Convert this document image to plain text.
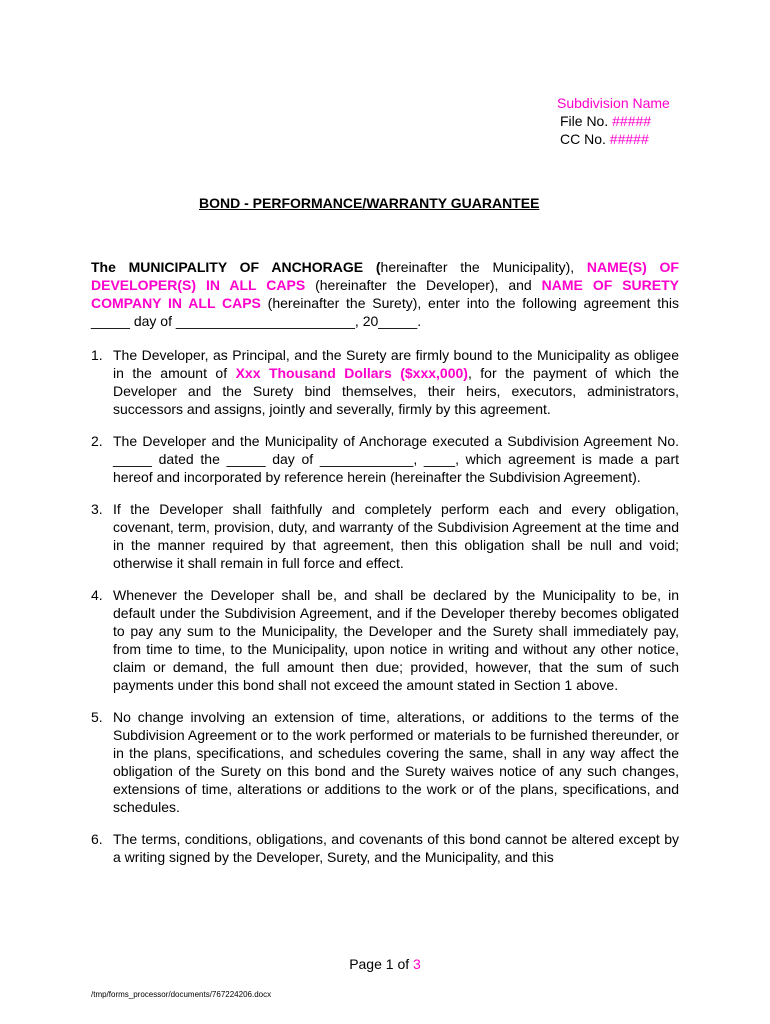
Subdivision Name
File No. #####
CC No. #####
BOND - PERFORMANCE/WARRANTY GUARANTEE

The MUNICIPALITY OF ANCHORAGE (hereinafter the Municipality), NAME(S) OF DEVELOPER(S) IN ALL CAPS (hereinafter the Developer), and NAME OF SURETY COMPANY IN ALL CAPS (hereinafter the Surety), enter into the following agreement this _____ day of _______________________, 20_____.

1. The Developer, as Principal, and the Surety are firmly bound to the Municipality as obligee in the amount of Xxx Thousand Dollars ($xxx,000), for the payment of which the Developer and the Surety bind themselves, their heirs, executors, administrators, successors and assigns, jointly and severally, firmly by this agreement.
2. The Developer and the Municipality of Anchorage executed a Subdivision Agreement No. _____ dated the _____ day of ____________, ____, which agreement is made a part hereof and incorporated by reference herein (hereinafter the Subdivision Agreement).
3. If the Developer shall faithfully and completely perform each and every obligation, covenant, term, provision, duty, and warranty of the Subdivision Agreement at the time and in the manner required by that agreement, then this obligation shall be null and void; otherwise it shall remain in full force and effect.
4. Whenever the Developer shall be, and shall be declared by the Municipality to be, in default under the Subdivision Agreement, and if the Developer thereby becomes obligated to pay any sum to the Municipality, the Developer and the Surety shall immediately pay, from time to time, to the Municipality, upon notice in writing and without any other notice, claim or demand, the full amount then due; provided, however, that the sum of such payments under this bond shall not exceed the amount stated in Section 1 above.
5. No change involving an extension of time, alterations, or additions to the terms of the Subdivision Agreement or to the work performed or materials to be furnished thereunder, or in the plans, specifications, and schedules covering the same, shall in any way affect the obligation of the Surety on this bond and the Surety waives notice of any such changes, extensions of time, alterations or additions to the work or of the plans, specifications, and schedules.
6. The terms, conditions, obligations, and covenants of this bond cannot be altered except by a writing signed by the Developer, Surety, and the Municipality, and this
Page 1 of 3
/tmp/forms_processor/documents/767224206.docx
